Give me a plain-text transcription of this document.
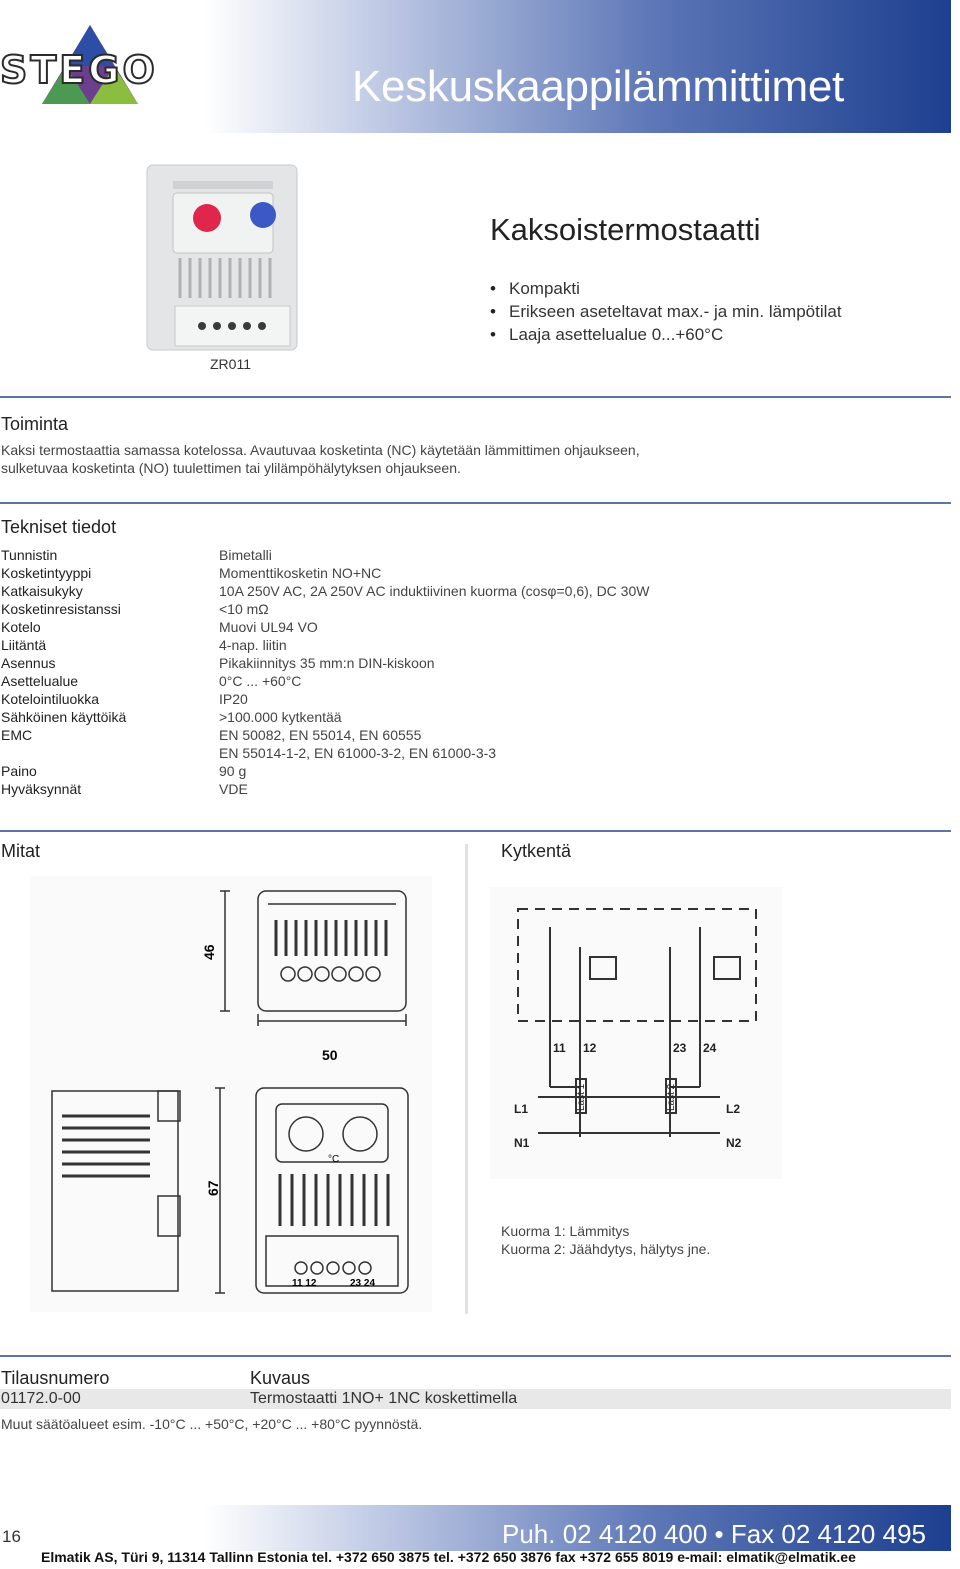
STEGO	Keskuskaappilämmittimet
ZR011
Kaksoistermostaatti
• Kompakti
• Erikseen aseteltavat max.- ja min. lämpötilat
• Laaja asettelualue 0...+60°C
Toiminta
Kaksi termostaattia samassa kotelossa. Avautuvaa kosketinta (NC) käytetään lämmittimen ohjaukseen,
sulketuvaa kosketinta (NO) tuulettimen tai ylilämpöhälytyksen ohjaukseen.
Tekniset tiedot
Tunnistin	Bimetalli
Kosketintyyppi	Momenttikosketin NO+NC
Katkaisukyky	10A 250V AC, 2A 250V AC induktiivinen kuorma (cosφ=0,6), DC 30W
Kosketinresistanssi	<10 mΩ
Kotelo	Muovi UL94 VO
Liitäntä	4-nap. liitin
Asennus	Pikakiinnitys 35 mm:n DIN-kiskoon
Asettelualue	0°C ... +60°C
Kotelointiluokka	IP20
Sähköinen käyttöikä	>100.000 kytkentää
EMC	EN 50082, EN 55014, EN 60555
EN 55014-1-2, EN 61000-3-2, EN 61000-3-3
Paino	90 g
Hyväksynnät	VDE
Mitat	Kytkentä
46
50
67
°C
11 12	23 24
11 12	23 24
L1	L2
N1	N2
Last 1	Last 2
Kuorma 1: Lämmitys
Kuorma 2: Jäähdytys, hälytys jne.
Tilausnumero	Kuvaus
01172.0-00	Termostaatti 1NO+ 1NC koskettimella
Muut säätöalueet esim. -10°C ... +50°C, +20°C ... +80°C pyynnöstä.
16	Puh. 02 4120 400 • Fax 02 4120 495
Elmatik AS, Türi 9, 11314 Tallinn Estonia tel. +372 650 3875 tel. +372 650 3876 fax +372 655 8019 e-mail: elmatik@elmatik.ee
